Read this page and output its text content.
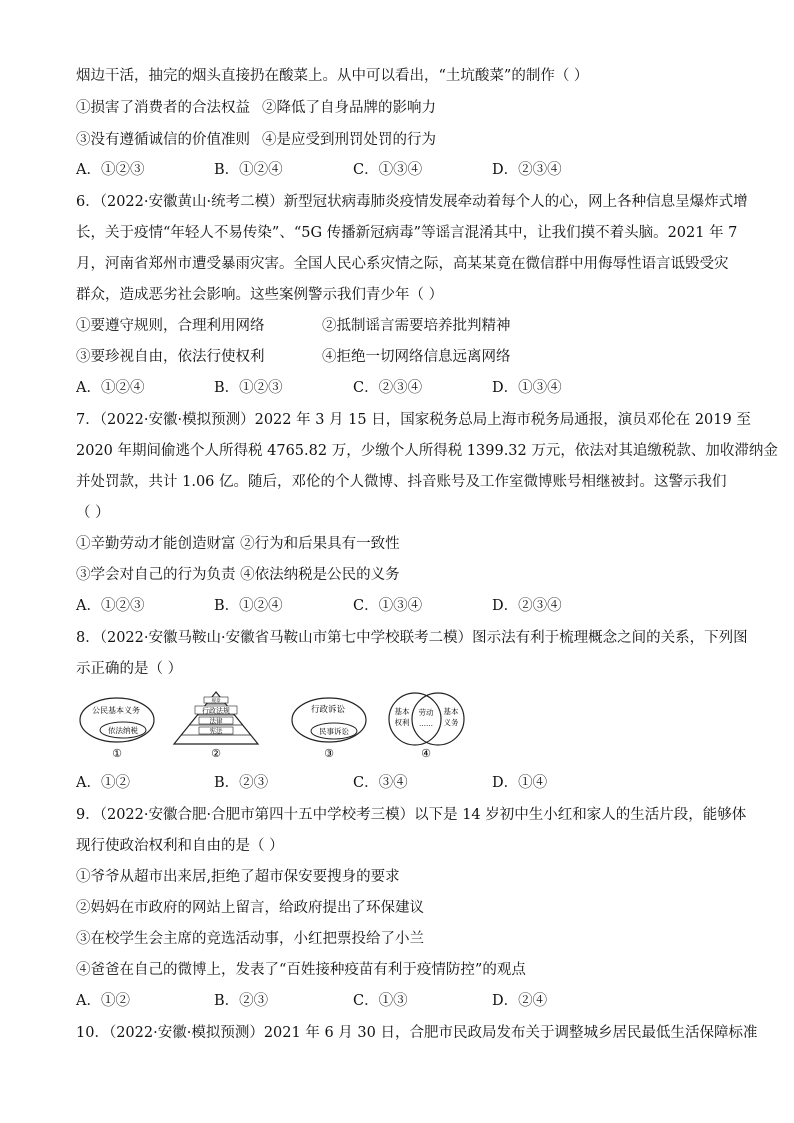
烟边干活，抽完的烟头直接扔在酸菜上。从中可以看出，“土坑酸菜”的制作（ ）
①损害了消费者的合法权益 ②降低了自身品牌的影响力
③没有遵循诚信的价值准则 ④是应受到刑罚处罚的行为
A．①②③	B．①②④	C．①③④	D．②③④
6．（2022·安徽黄山·统考二模）新型冠状病毒肺炎疫情发展牵动着每个人的心，网上各种信息呈爆炸式增
长，关于疫情“年轻人不易传染”、“5G 传播新冠病毒”等谣言混淆其中，让我们摸不着头脑。2021 年 7
月，河南省郑州市遭受暴雨灾害。全国人民心系灾情之际，高某某竟在微信群中用侮辱性语言诋毁受灾
群众，造成恶劣社会影响。这些案例警示我们青少年（ ）
①要遵守规则，合理利用网络	②抵制谣言需要培养批判精神
③要珍视自由，依法行使权利	④拒绝一切网络信息远离网络
A．①②④	B．①②③	C．②③④	D．①③④
7．（2022·安徽·模拟预测）2022 年 3 月 15 日，国家税务总局上海市税务局通报，演员邓伦在 2019 至
2020 年期间偷逃个人所得税 4765.82 万，少缴个人所得税 1399.32 万元，依法对其追缴税款、加收滞纳金
并处罚款，共计 1.06 亿。随后，邓伦的个人微博、抖音账号及工作室微博账号相继被封。这警示我们
（ ）
①辛勤劳动才能创造财富 ②行为和后果具有一致性
③学会对自己的行为负责 ④依法纳税是公民的义务
A．①②③	B．①②④	C．①③④	D．②③④
8．（2022·安徽马鞍山·安徽省马鞍山市第七中学校联考二模）图示法有利于梳理概念之间的关系，下列图
示正确的是（ ）
公民基本义务
依法纳税
①
规章
行政法规
法律
宪法
②
行政诉讼
民事诉讼
③
基本
权利
劳动
……
基本
义务
④
A．①②	B．②③	C．③④	D．①④
9．（2022·安徽合肥·合肥市第四十五中学校考三模）以下是 14 岁初中生小红和家人的生活片段，能够体
现行使政治权利和自由的是（ ）
①爷爷从超市出来居,拒绝了超市保安要搜身的要求
②妈妈在市政府的网站上留言，给政府提出了环保建议
③在校学生会主席的竞选活动事，小红把票投给了小兰
④爸爸在自己的微博上，发表了“百姓接种疫苗有利于疫情防控”的观点
A．①②	B．②③	C．①③	D．②④
10．（2022·安徽·模拟预测）2021 年 6 月 30 日，合肥市民政局发布关于调整城乡居民最低生活保障标准
